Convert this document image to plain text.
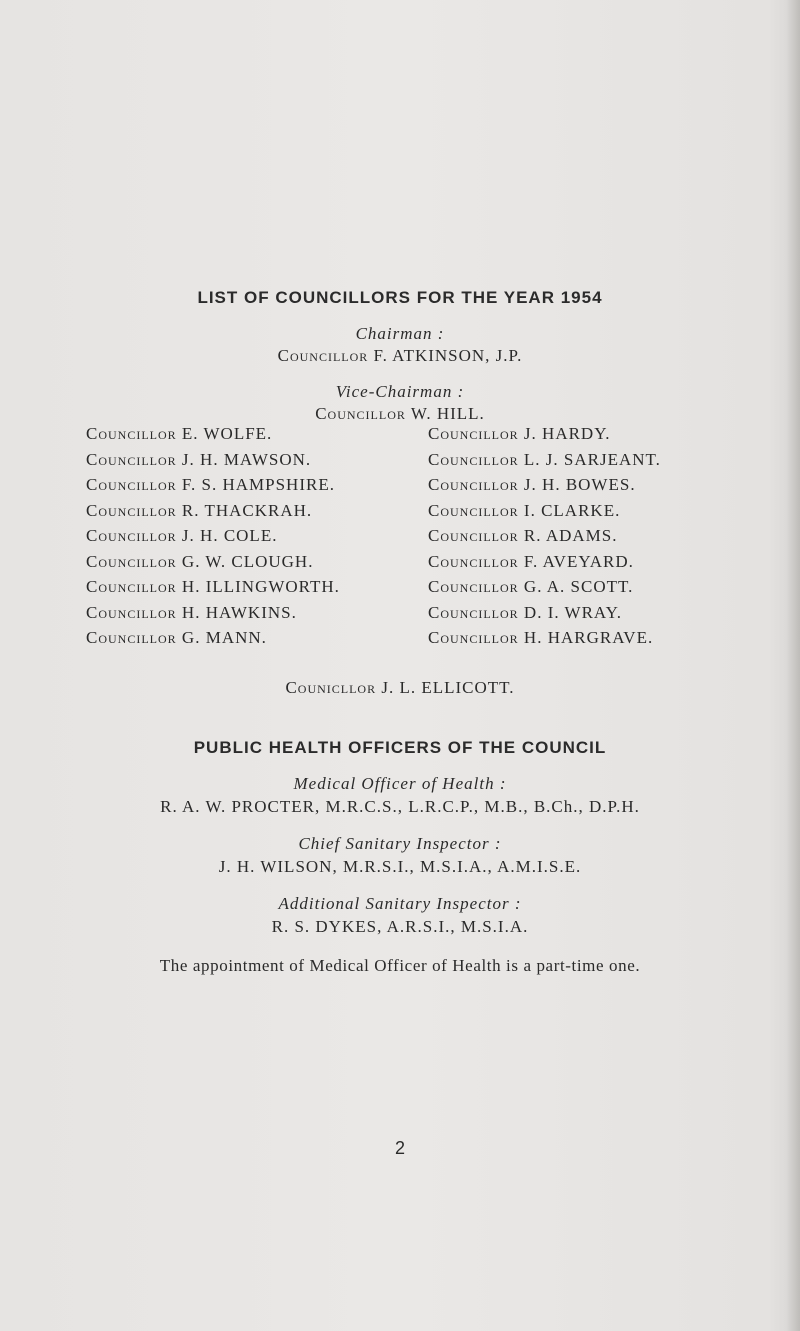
LIST OF COUNCILLORS FOR THE YEAR 1954
Chairman :
Councillor F. ATKINSON, J.P.
Vice-Chairman :
Councillor W. HILL.
Councillor E. WOLFE.
Councillor J. H. MAWSON.
Councillor F. S. HAMPSHIRE.
Councillor R. THACKRAH.
Councillor J. H. COLE.
Councillor G. W. CLOUGH.
Councillor H. ILLINGWORTH.
Councillor H. HAWKINS.
Councillor G. MANN.
Councillor J. HARDY.
Councillor L. J. SARJEANT.
Councillor J. H. BOWES.
Councillor I. CLARKE.
Councillor R. ADAMS.
Councillor F. AVEYARD.
Councillor G. A. SCOTT.
Councillor D. I. WRAY.
Councillor H. HARGRAVE.
Counicllor J. L. ELLICOTT.
PUBLIC HEALTH OFFICERS OF THE COUNCIL
Medical Officer of Health :
R. A. W. PROCTER, M.R.C.S., L.R.C.P., M.B., B.Ch., D.P.H.
Chief Sanitary Inspector :
J. H. WILSON, M.R.S.I., M.S.I.A., A.M.I.S.E.
Additional Sanitary Inspector :
R. S. DYKES, A.R.S.I., M.S.I.A.
The appointment of Medical Officer of Health is a part-time one.
2
